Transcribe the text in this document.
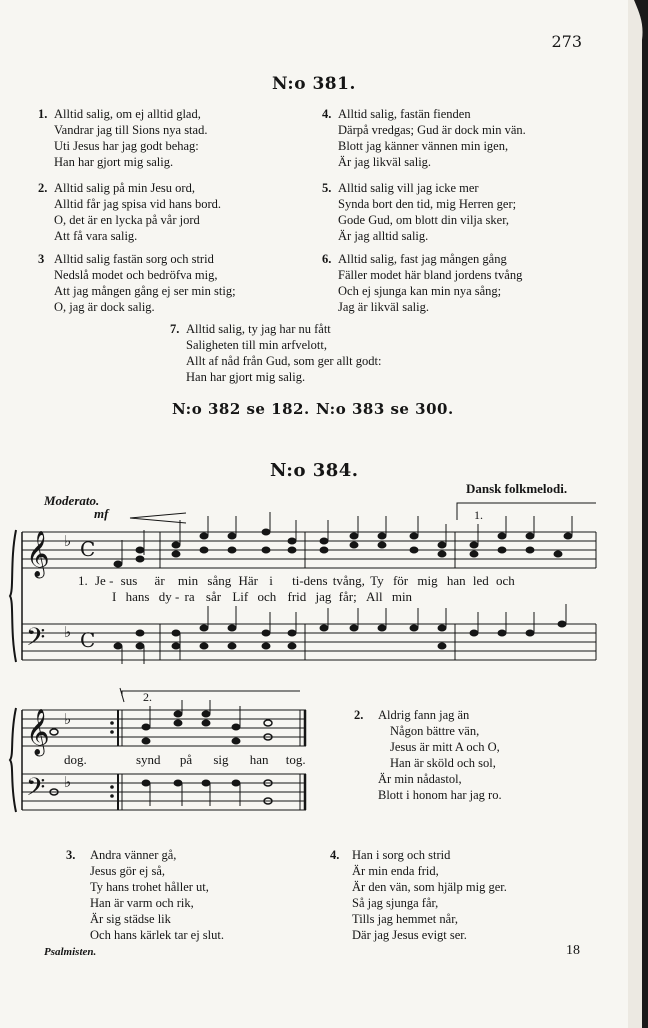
273
N:o 381.
1. Alltid salig, om ej alltid glad,
Vandrar jag till Sions nya stad.
Uti Jesus har jag godt behag:
Han har gjort mig salig.
2. Alltid salig på min Jesu ord,
Alltid får jag spisa vid hans bord.
O, det är en lycka på vår jord
Att få vara salig.
3 Alltid salig fastän sorg och strid
Nedslå modet och bedröfva mig,
Att jag mången gång ej ser min stig;
O, jag är dock salig.
4. Alltid salig, fastän fienden
Därpå vredgas; Gud är dock min vän.
Blott jag känner vännen min igen,
Är jag likväl salig.
5. Alltid salig vill jag icke mer
Synda bort den tid, mig Herren ger;
Gode Gud, om blott din vilja sker,
Är jag alltid salig.
6. Alltid salig, fast jag mången gång
Fäller modet här bland jordens tvång
Och ej sjunga kan min nya sång;
Jag är likväl salig.
7. Alltid salig, ty jag har nu fått
Saligheten till min arfvelott,
Allt af nåd från Gud, som ger allt godt:
Han har gjort mig salig.
N:o 382 se 182. N:o 383 se 300.
N:o 384.
Dansk folkmelodi.
Moderato.
mf	1.
2.
𝄞
𝄢
𝄞
𝄢
♭
♭
♭
♭
C
C
1. Je - sus är min sång Här i ti-dens tvång, Ty för mig han led och
I hans dy - ra sår Lif och frid jag får; All min
dog.	synd på sig han tog.
2. Aldrig fann jag än
Någon bättre vän,
Jesus är mitt A och O,
Han är sköld och sol,
Är min nådastol,
Blott i honom har jag ro.
3. Andra vänner gå,
Jesus gör ej så,
Ty hans trohet håller ut,
Han är varm och rik,
Är sig städse lik
Och hans kärlek tar ej slut.
4. Han i sorg och strid
Är min enda frid,
Är den vän, som hjälp mig ger.
Så jag sjunga får,
Tills jag hemmet når,
Där jag Jesus evigt ser.
Psalmisten.	18
